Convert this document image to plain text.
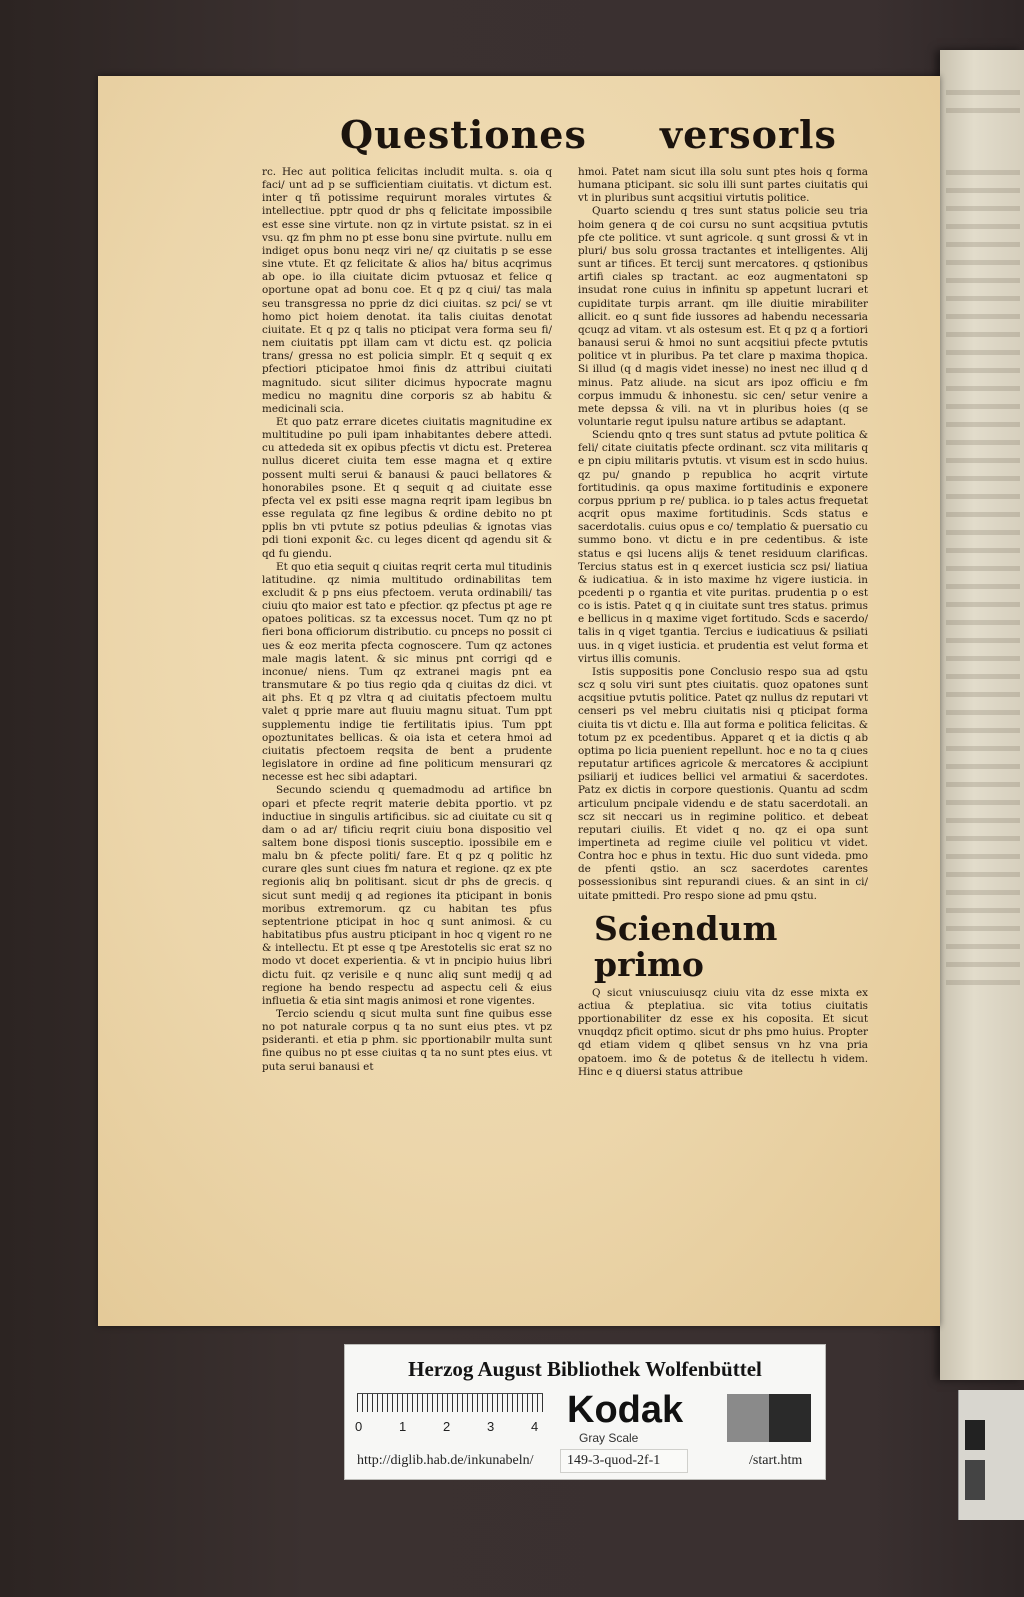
Questiones versorls

rc. Hec aut politica felicitas includit multa. s. oia q faci/ unt ad p se sufficientiam ciuitatis. vt dictum est. inter q tñ potissime requirunt morales virtutes & intellectiue. pptr quod dr phs q felicitate impossibile est esse sine virtute. non qz in virtute psistat. sz in ei vsu. qz fm phm no pt esse bonu sine pvirtute. nullu em indiget opus bonu neqz viri ne/ qz ciuitatis p se esse sine vtute. Et qz felicitate & alios ha/ bitus acqrimus ab ope. io illa ciuitate dicim pvtuosaz et felice q oportune opat ad bonu coe. Et q pz q ciui/ tas mala seu transgressa no pprie dz dici ciuitas. sz pci/ se vt homo pict hoiem denotat. ita talis ciuitas denotat ciuitate. Et q pz q talis no pticipat vera forma seu fi/ nem ciuitatis ppt illam cam vt dictu est. qz policia trans/ gressa no est policia simplr. Et q sequit q ex pfectiori pticipatoe hmoi finis dz attribui ciuitati magnitudo. sicut siliter dicimus hypocrate magnu medicu no magnitu dine corporis sz ab habitu & medicinali scia.

Et quo patz errare dicetes ciuitatis magnitudine ex multitudine po puli ipam inhabitantes debere attedi. cu attededa sit ex opibus pfectis vt dictu est. Preterea nullus diceret ciuita tem esse magna et q extire possent multi serui & banausi & pauci bellatores & honorabiles psone. Et q sequit q ad ciuitate esse pfecta vel ex psiti esse magna reqrit ipam legibus bn esse regulata qz fine legibus & ordine debito no pt pplis bn vti pvtute sz potius pdeulias & ignotas vias pdi tioni exponit &c. cu leges dicent qd agendu sit & qd fu giendu.

Et quo etia sequit q ciuitas reqrit certa mul titudinis latitudine. qz nimia multitudo ordinabilitas tem excludit & p pns eius pfectoem. veruta ordinabili/ tas ciuiu qto maior est tato e pfectior. qz pfectus pt age re opatoes politicas. sz ta excessus nocet. Tum qz no pt fieri bona officiorum distributio. cu pnceps no possit ci ues & eoz merita pfecta cognoscere. Tum qz actones male magis latent. & sic minus pnt corrigi qd e inconue/ niens. Tum qz extranei magis pnt ea transmutare & po tius regio qda q ciuitas dz dici. vt ait phs. Et q pz vltra q ad ciuitatis pfectoem multu valet q pprie mare aut fluuiu magnu situat. Tum ppt supplementu indige tie fertilitatis ipius. Tum ppt opoztunitates bellicas. & oia ista et cetera hmoi ad ciuitatis pfectoem reqsita de bent a prudente legislatore in ordine ad fine politicum mensurari qz necesse est hec sibi adaptari.

Secundo sciendu q quemadmodu ad artifice bn opari et pfecte reqrit materie debita pportio. vt pz inductiue in singulis artificibus. sic ad ciuitate cu sit q dam o ad ar/ tificiu reqrit ciuiu bona dispositio vel saltem bone disposi tionis susceptio. ipossibile em e malu bn & pfecte politi/ fare. Et q pz q politic hz curare qles sunt ciues fm natura et regione. qz ex pte regionis aliq bn politisant. sicut dr phs de grecis. q sicut sunt medij q ad regiones ita pticipant in bonis moribus extremorum. qz cu habitan tes pfus septentrione pticipat in hoc q sunt animosi. & cu habitatibus pfus austru pticipant in hoc q vigent ro ne & intellectu. Et pt esse q tpe Arestotelis sic erat sz no modo vt docet experientia. & vt in pncipio huius libri dictu fuit. qz verisile e q nunc aliq sunt medij q ad regione ha bendo respectu ad aspectu celi & eius influetia & etia sint magis animosi et rone vigentes.

Tercio sciendu q sicut multa sunt fine quibus esse no pot naturale corpus q ta no sunt eius ptes. vt pz psideranti. et etia p phm. sic pportionabilr multa sunt fine quibus no pt esse ciuitas q ta no sunt ptes eius. vt puta serui banausi et

hmoi. Patet nam sicut illa solu sunt ptes hois q forma humana pticipant. sic solu illi sunt partes ciuitatis qui vt in pluribus sunt acqsitiui virtutis politice.

Quarto sciendu q tres sunt status policie seu tria hoim genera q de coi cursu no sunt acqsitiua pvtutis pfe cte politice. vt sunt agricole. q sunt grossi & vt in pluri/ bus solu grossa tractantes et intelligentes. Alij sunt ar tifices. Et tercij sunt mercatores. q qstionibus artifi ciales sp tractant. ac eoz augmentatoni sp insudat rone cuius in infinitu sp appetunt lucrari et cupiditate turpis arrant. qm ille diuitie mirabiliter allicit. eo q sunt fide iussores ad habendu necessaria qcuqz ad vitam. vt als ostesum est. Et q pz q a fortiori banausi serui & hmoi no sunt acqsitiui pfecte pvtutis politice vt in pluribus. Pa tet clare p maxima thopica. Si illud (q d magis videt inesse) no inest nec illud q d minus. Patz aliude. na sicut ars ipoz officiu e fm corpus immudu & inhonestu. sic cen/ setur venire a mete depssa & vili. na vt in pluribus hoies (q se voluntarie regut ipulsu nature artibus se adaptant.

Sciendu qnto q tres sunt status ad pvtute politica & feli/ citate ciuitatis pfecte ordinant. scz vita militaris q e pn cipiu militaris pvtutis. vt visum est in scdo huius. qz pu/ gnando p republica ho acqrit virtute fortitudinis. qa opus maxime fortitudinis e exponere corpus pprium p re/ publica. io p tales actus frequetat acqrit opus maxime fortitudinis. Scds status e sacerdotalis. cuius opus e co/ templatio & puersatio cu summo bono. vt dictu e in pre cedentibus. & iste status e qsi lucens alijs & tenet residuum clarificas. Tercius status est in q exercet iusticia scz psi/ liatiua & iudicatiua. & in isto maxime hz vigere iusticia. in pcedenti p o rgantia et vite puritas. prudentia p o est co is istis. Patet q q in ciuitate sunt tres status. primus e bellicus in q maxime viget fortitudo. Scds e sacerdo/ talis in q viget tgantia. Tercius e iudicatiuus & psiliati uus. in q viget iusticia. et prudentia est velut forma et virtus illis comunis.

Istis suppositis pone Conclusio respo sua ad qstu scz q solu viri sunt ptes ciuitatis. quoz opatones sunt acqsitiue pvtutis politice. Patet qz nullus dz reputari vt censeri ps vel mebru ciuitatis nisi q pticipat forma ciuita tis vt dictu e. Illa aut forma e politica felicitas. & totum pz ex pcedentibus. Apparet q et ia dictis q ab optima po licia puenient repellunt. hoc e no ta q ciues reputatur artifices agricole & mercatores & accipiunt psiliarij et iudices bellici vel armatiui & sacerdotes. Patz ex dictis in corpore questionis. Quantu ad scdm articulum pncipale videndu e de statu sacerdotali. an scz sit neccari us in regimine politico. et debeat reputari ciuilis. Et videt q no. qz ei opa sunt impertineta ad regime ciuile vel politicu vt videt. Contra hoc e phus in textu. Hic duo sunt videda. pmo de pfenti qstio. an scz sacerdotes carentes possessionibus sint repurandi ciues. & an sint in ci/ uitate pmittedi. Pro respo sione ad pmu qstu.

Sciendum primo

Q sicut vniuscuiusqz ciuiu vita dz esse mixta ex actiua & pteplatiua. sic vita totius ciuitatis pportionabiliter dz esse ex his coposita. Et sicut vnuqdqz pficit optimo. sicut dr phs pmo huius. Propter qd etiam videm q qlibet sensus vn hz vna pria opatoem. imo & de potetus & de itellectu h videm. Hinc e q diuersi status attribue

Herzog August Bibliothek Wolfenbüttel
0	1	2	3	4 Kodak
Gray Scale
http://diglib.hab.de/inkunabeln/ 149-3-quod-2f-1	/start.htm
